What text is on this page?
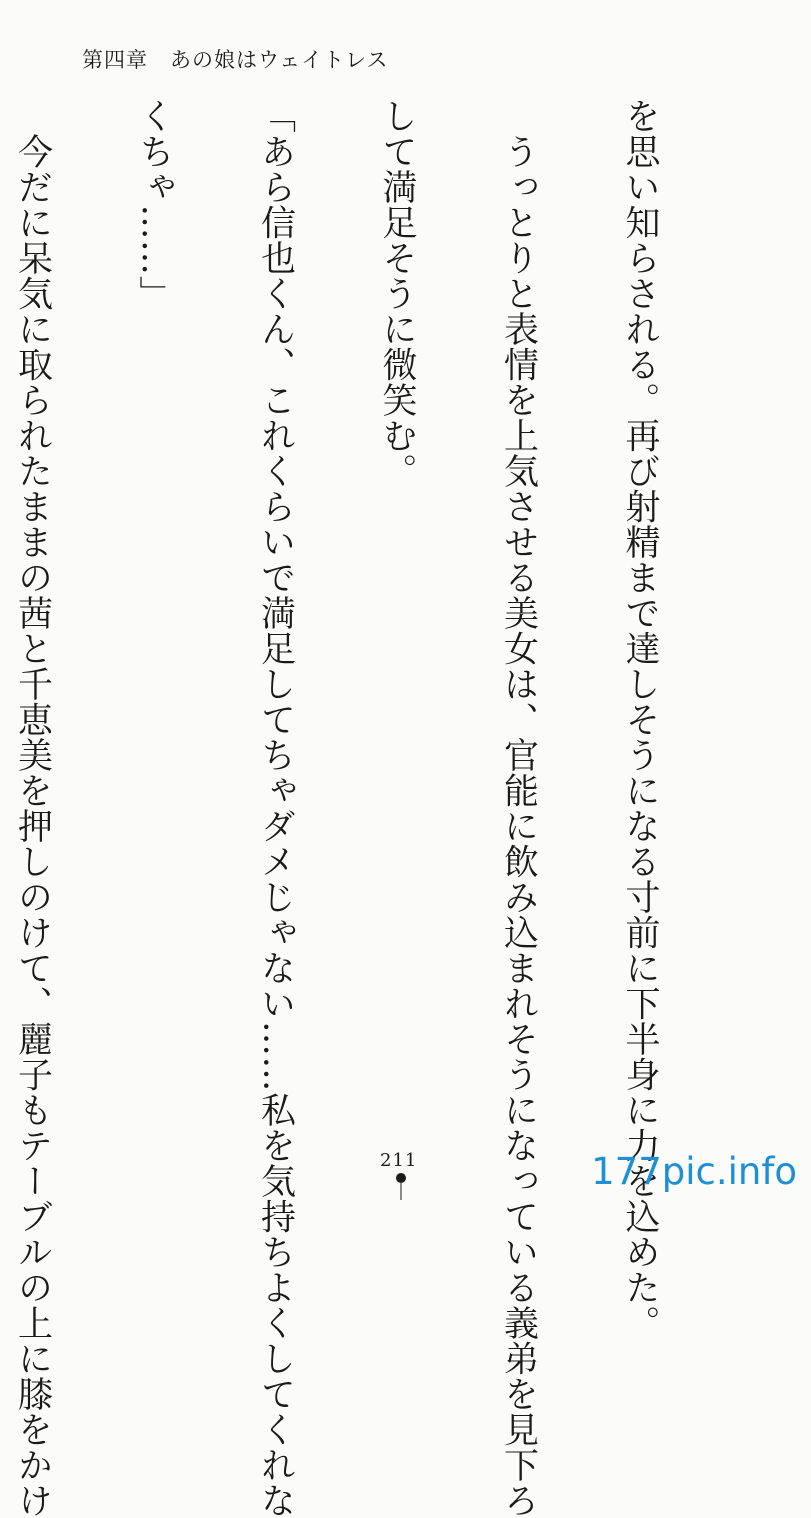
第四章　あの娘はウェイトレス

を思い知らされる。再び射精まで達しそうになる寸前に下半身に力を込めた。

　うっとりと表情を上気させる美女は、官能に飲み込まれそうになっている義弟を見下ろ

して満足そうに微笑む。

「あら信也くん、これくらいで満足してちゃダメじゃない……私を気持ちよくしてくれな

くちゃ……」

　今だに呆気に取られたままの茜と千恵美を押しのけて、麗子もテーブルの上に膝をかけ

	211	177pic.info
